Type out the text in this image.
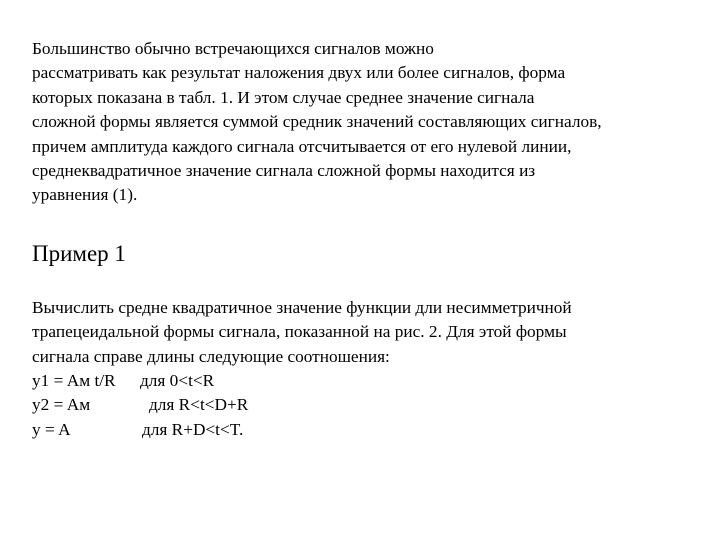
Большинство обычно встречающихся сигналов можно
рассматривать как результат наложения двух или более сигналов, форма
которых показана в табл. 1. И этом случае среднее значение сигнала
сложной формы является суммой средник значений составляющих сигналов,
причем амплитуда каждого сигнала отсчитывается от его нулевой линии,
среднеквадратичное значение сигнала сложной формы находится из
уравнения (1).

Пример 1

Вычислить средне квадратичное значение функции дли несимметричной
трапецеидальной формы сигнала, показанной на рис. 2. Для этой формы
сигнала справе длины следующие соотношения:

y1 = Aм t/R для 0<t<R
y2 = Aм	для R<t<D+R
y = A	для R+D<t<T.
